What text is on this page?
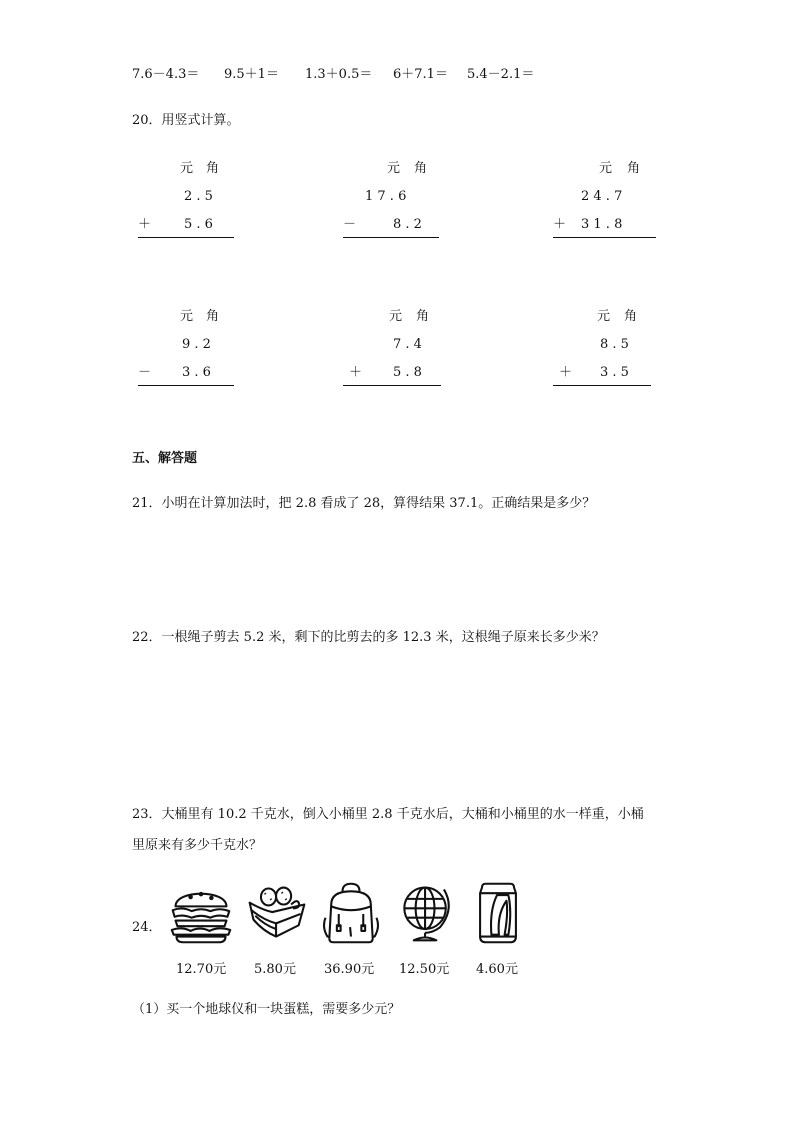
7.6－4.3＝ 9.5＋1＝ 1.3＋0.5＝ 6＋7.1＝ 5.4－2.1＝
20．用竖式计算。
元 角
2 . 5
＋	5 . 6
元 角
1 7 . 6
－	8 . 2
元 角
2 4 . 7
＋ 3 1 . 8
元 角
9 . 2
－ 3 . 6
元 角
7 . 4
＋ 5 . 8
元 角
8 . 5
＋ 3 . 5
五、解答题
21．小明在计算加法时，把 2.8 看成了 28，算得结果 37.1。正确结果是多少？
22．一根绳子剪去 5.2 米，剩下的比剪去的多 12.3 米，这根绳子原来长多少米？
23．大桶里有 10.2 千克水，倒入小桶里 2.8 千克水后，大桶和小桶里的水一样重，小桶
里原来有多少千克水？
24．
12.70元 5.80元 36.90元 12.50元 4.60元
（1）买一个地球仪和一块蛋糕，需要多少元？
